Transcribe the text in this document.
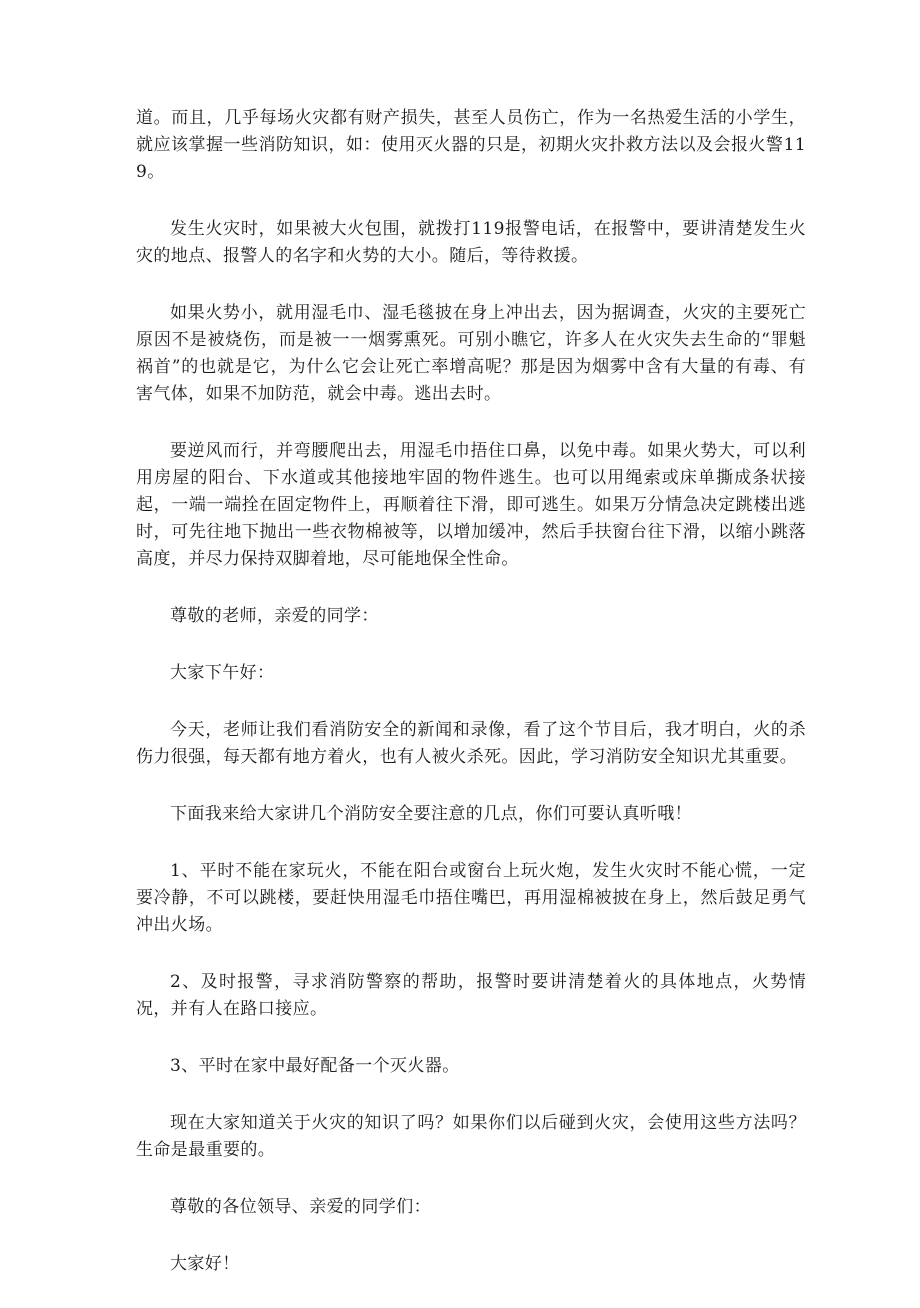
道。而且，几乎每场火灾都有财产损失，甚至人员伤亡，作为一名热爱生活的小学生，就应该掌握一些消防知识，如：使用灭火器的只是，初期火灾扑救方法以及会报火警119。

发生火灾时，如果被大火包围，就拨打119报警电话，在报警中，要讲清楚发生火灾的地点、报警人的名字和火势的大小。随后，等待救援。

如果火势小，就用湿毛巾、湿毛毯披在身上冲出去，因为据调查，火灾的主要死亡原因不是被烧伤，而是被一一烟雾熏死。可别小瞧它，许多人在火灾失去生命的“罪魁祸首”的也就是它，为什么它会让死亡率增高呢？那是因为烟雾中含有大量的有毒、有害气体，如果不加防范，就会中毒。逃出去时。

要逆风而行，并弯腰爬出去，用湿毛巾捂住口鼻，以免中毒。如果火势大，可以利用房屋的阳台、下水道或其他接地牢固的物件逃生。也可以用绳索或床单撕成条状接起，一端一端拴在固定物件上，再顺着往下滑，即可逃生。如果万分情急决定跳楼出逃时，可先往地下抛出一些衣物棉被等，以增加缓冲，然后手扶窗台往下滑，以缩小跳落高度，并尽力保持双脚着地，尽可能地保全性命。

尊敬的老师，亲爱的同学：

大家下午好：

今天，老师让我们看消防安全的新闻和录像，看了这个节目后，我才明白，火的杀伤力很强，每天都有地方着火，也有人被火杀死。因此，学习消防安全知识尤其重要。

下面我来给大家讲几个消防安全要注意的几点，你们可要认真听哦！

1、平时不能在家玩火，不能在阳台或窗台上玩火炮，发生火灾时不能心慌，一定要冷静，不可以跳楼，要赶快用湿毛巾捂住嘴巴，再用湿棉被披在身上，然后鼓足勇气冲出火场。

2、及时报警，寻求消防警察的帮助，报警时要讲清楚着火的具体地点，火势情况，并有人在路口接应。

3、平时在家中最好配备一个灭火器。

现在大家知道关于火灾的知识了吗？如果你们以后碰到火灾，会使用这些方法吗？生命是最重要的。

尊敬的各位领导、亲爱的同学们：

大家好！
